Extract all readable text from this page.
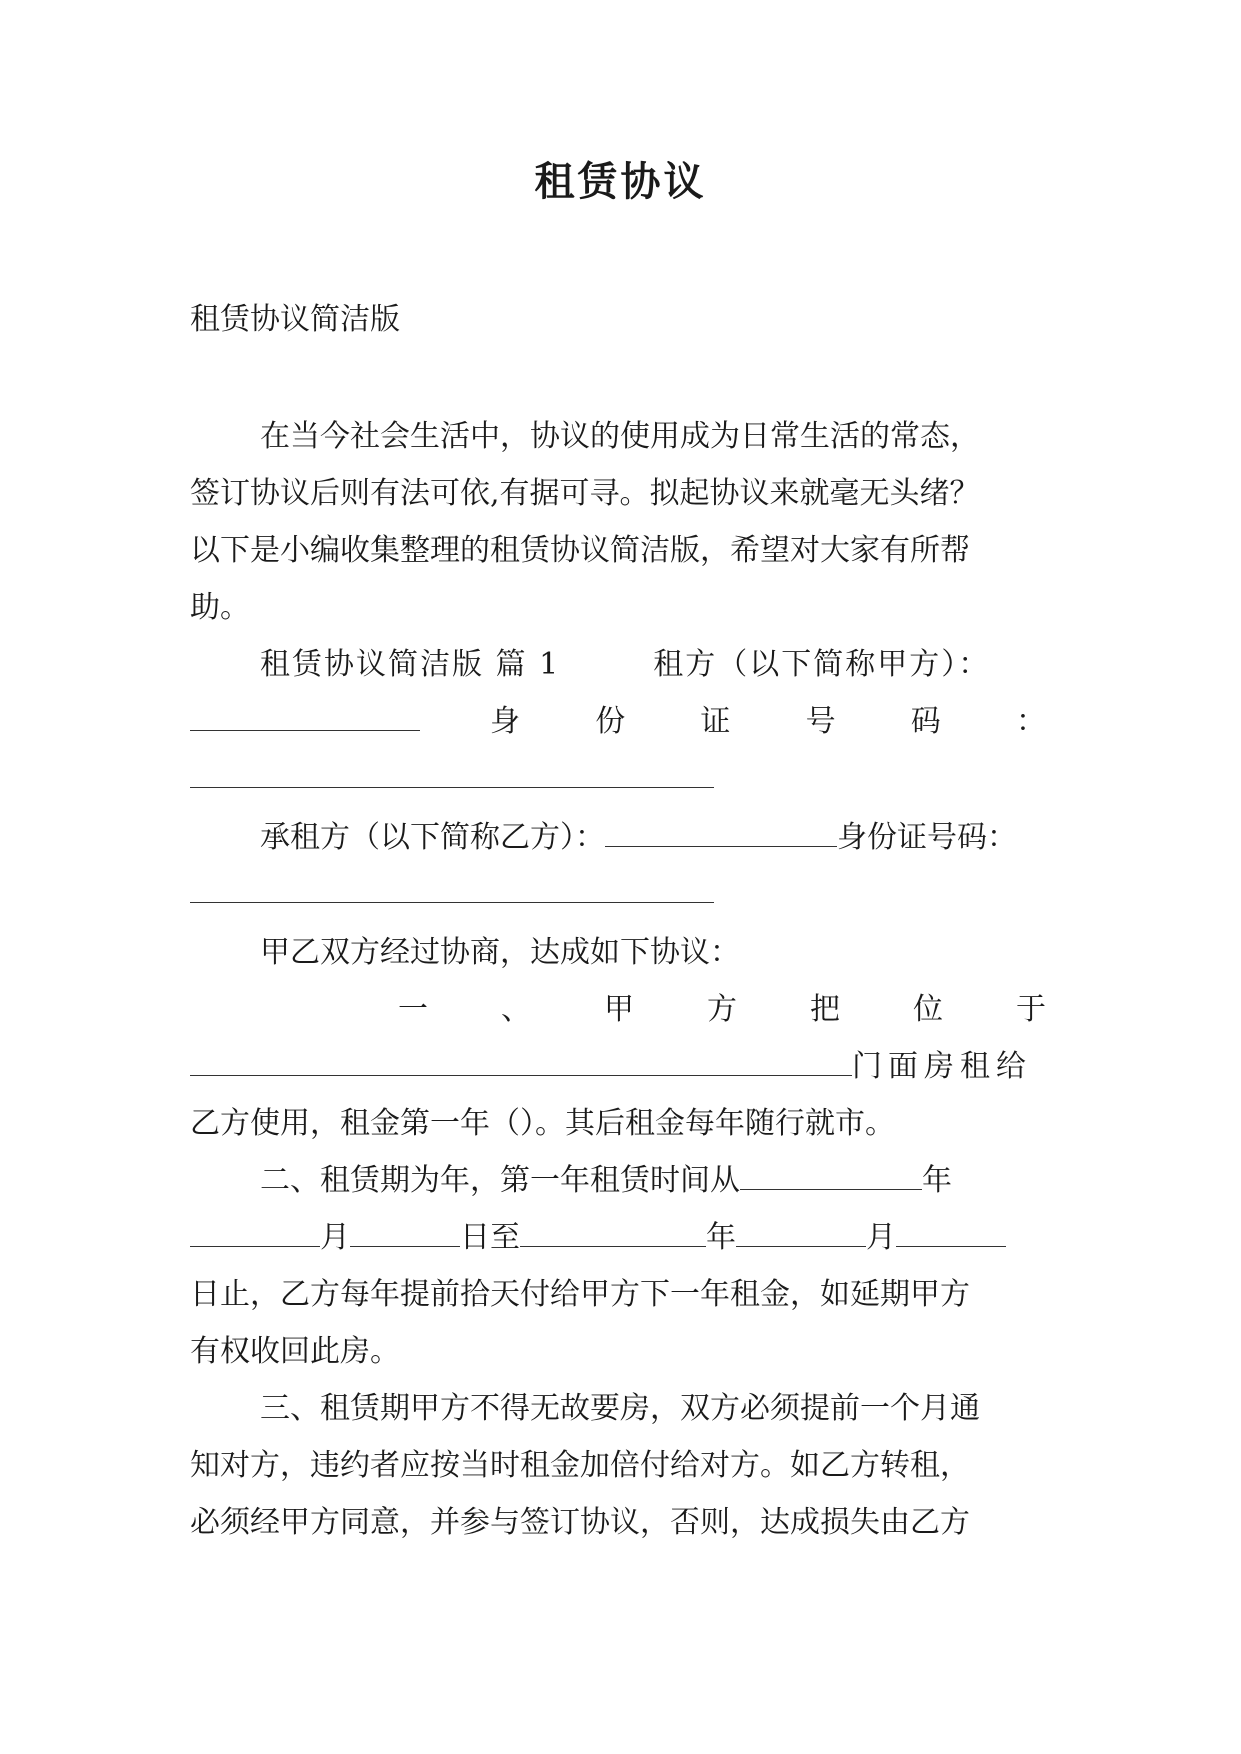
租赁协议
租赁协议简洁版
在当今社会生活中，协议的使用成为日常生活的常态，
签订协议后则有法可依,有据可寻。拟起协议来就毫无头绪？
以下是小编收集整理的租赁协议简洁版，希望对大家有所帮
助。
租赁协议简洁版 篇 1	租方（以下简称甲方）：
身	份	证	号	码	：
承租方（以下简称乙方）：	身份证号码：
甲乙双方经过协商，达成如下协议：
一 、 甲 方 把 位 于
门面房租给
乙方使用，租金第一年（）。其后租金每年随行就市。
二、租赁期为年，第一年租赁时间从	年
月	日至	年	月
日止，乙方每年提前拾天付给甲方下一年租金，如延期甲方
有权收回此房。
三、租赁期甲方不得无故要房，双方必须提前一个月通
知对方，违约者应按当时租金加倍付给对方。如乙方转租，
必须经甲方同意，并参与签订协议，否则，达成损失由乙方
